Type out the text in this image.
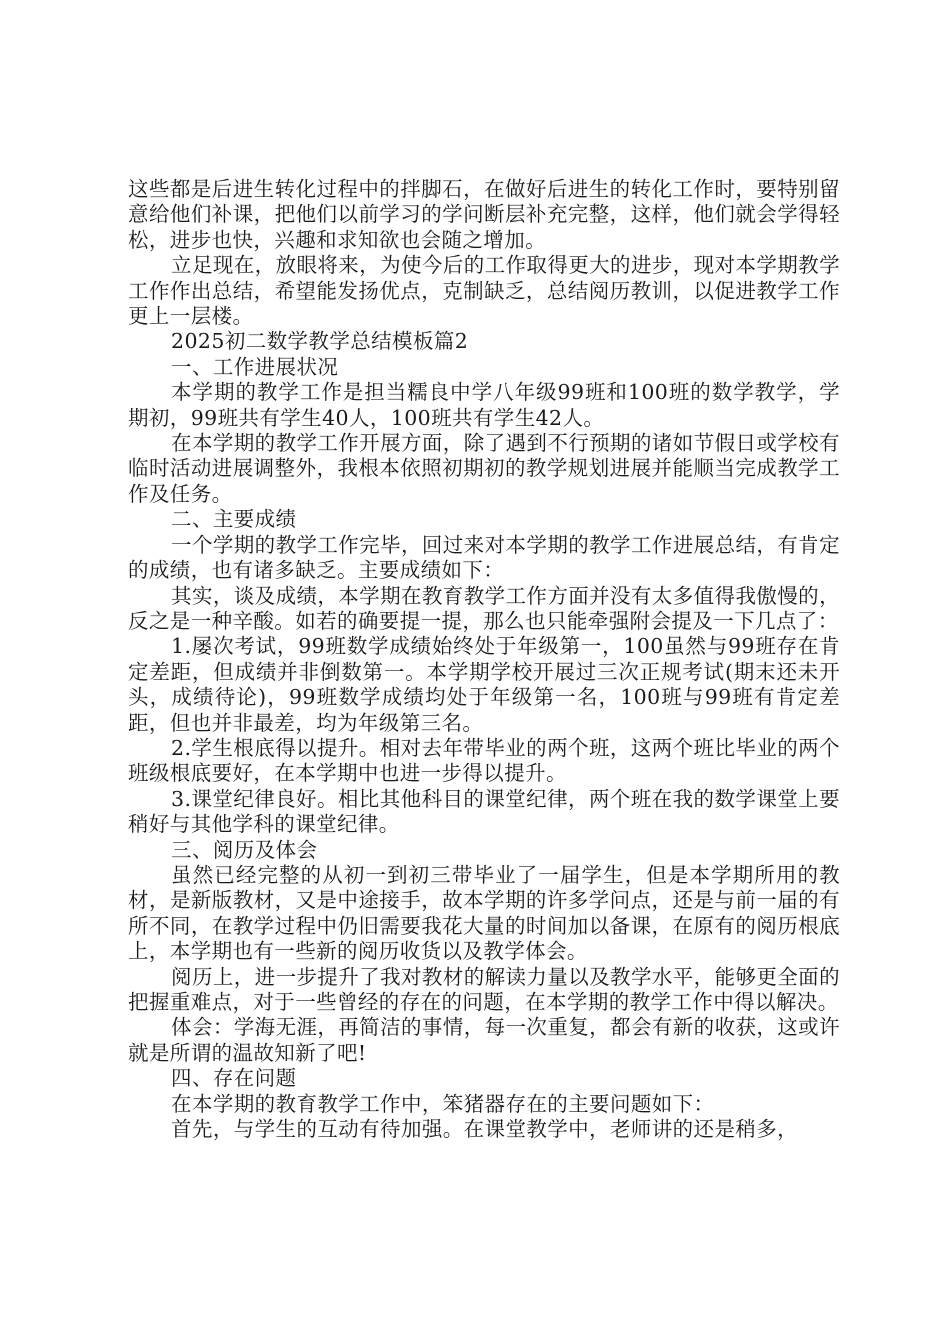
这些都是后进生转化过程中的拌脚石，在做好后进生的转化工作时，要特别留意给他们补课，把他们以前学习的学问断层补充完整，这样，他们就会学得轻松，进步也快，兴趣和求知欲也会随之增加。

立足现在，放眼将来，为使今后的工作取得更大的进步，现对本学期教学工作作出总结，希望能发扬优点，克制缺乏，总结阅历教训，以促进教学工作更上一层楼。

2025初二数学教学总结模板篇2

一、工作进展状况

本学期的教学工作是担当糯良中学八年级99班和100班的数学教学，学期初，99班共有学生40人，100班共有学生42人。

在本学期的教学工作开展方面，除了遇到不行预期的诸如节假日或学校有临时活动进展调整外，我根本依照初期初的教学规划进展并能顺当完成教学工作及任务。

二、主要成绩

一个学期的教学工作完毕，回过来对本学期的教学工作进展总结，有肯定的成绩，也有诸多缺乏。主要成绩如下：

其实，谈及成绩，本学期在教育教学工作方面并没有太多值得我傲慢的，反之是一种辛酸。如若的确要提一提，那么也只能牵强附会提及一下几点了：

1.屡次考试，99班数学成绩始终处于年级第一，100虽然与99班存在肯定差距，但成绩并非倒数第一。本学期学校开展过三次正规考试(期末还未开头，成绩待论)，99班数学成绩均处于年级第一名，100班与99班有肯定差距，但也并非最差，均为年级第三名。

2.学生根底得以提升。相对去年带毕业的两个班，这两个班比毕业的两个班级根底要好，在本学期中也进一步得以提升。

3.课堂纪律良好。相比其他科目的课堂纪律，两个班在我的数学课堂上要稍好与其他学科的课堂纪律。

三、阅历及体会

虽然已经完整的从初一到初三带毕业了一届学生，但是本学期所用的教材，是新版教材，又是中途接手，故本学期的许多学问点，还是与前一届的有所不同，在教学过程中仍旧需要我花大量的时间加以备课，在原有的阅历根底上，本学期也有一些新的阅历收货以及教学体会。

阅历上，进一步提升了我对教材的解读力量以及教学水平，能够更全面的把握重难点，对于一些曾经的存在的问题，在本学期的教学工作中得以解决。

体会：学海无涯，再简洁的事情，每一次重复，都会有新的收获，这或许就是所谓的温故知新了吧!

四、存在问题

在本学期的教育教学工作中，笨猪器存在的主要问题如下：

首先，与学生的互动有待加强。在课堂教学中，老师讲的还是稍多，
